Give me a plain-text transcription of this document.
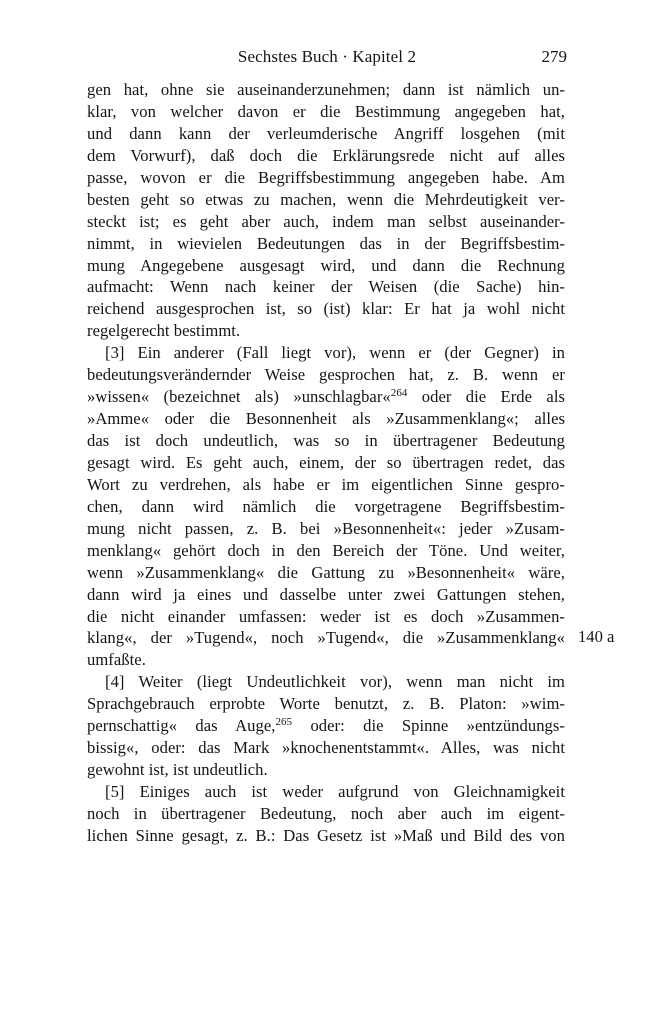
Sechstes Buch · Kapitel 2	279
gen hat, ohne sie auseinanderzunehmen; dann ist nämlich un-
klar, von welcher davon er die Bestimmung angegeben hat,
und dann kann der verleumderische Angriff losgehen (mit
dem Vorwurf), daß doch die Erklärungsrede nicht auf alles
passe, wovon er die Begriffsbestimmung angegeben habe. Am
besten geht so etwas zu machen, wenn die Mehrdeutigkeit ver-
steckt ist; es geht aber auch, indem man selbst auseinander-
nimmt, in wievielen Bedeutungen das in der Begriffsbestim-
mung Angegebene ausgesagt wird, und dann die Rechnung
aufmacht: Wenn nach keiner der Weisen (die Sache) hin-
reichend ausgesprochen ist, so (ist) klar: Er hat ja wohl nicht
regelgerecht bestimmt.
[3] Ein anderer (Fall liegt vor), wenn er (der Gegner) in
bedeutungsverändernder Weise gesprochen hat, z. B. wenn er
»wissen« (bezeichnet als) »unschlagbar«$^{264}$ oder die Erde als
»Amme« oder die Besonnenheit als »Zusammenklang«; alles
das ist doch undeutlich, was so in übertragener Bedeutung
gesagt wird. Es geht auch, einem, der so übertragen redet, das
Wort zu verdrehen, als habe er im eigentlichen Sinne gespro-
chen, dann wird nämlich die vorgetragene Begriffsbestim-
mung nicht passen, z. B. bei »Besonnenheit«: jeder »Zusam-
menklang« gehört doch in den Bereich der Töne. Und weiter,
wenn »Zusammenklang« die Gattung zu »Besonnenheit« wäre,
dann wird ja eines und dasselbe unter zwei Gattungen stehen,
die nicht einander umfassen: weder ist es doch »Zusammen-
klang«, der »Tugend«, noch »Tugend«, die »Zusammenklang«
umfaßte.
[4] Weiter (liegt Undeutlichkeit vor), wenn man nicht im
Sprachgebrauch erprobte Worte benutzt, z. B. Platon: »wim-
pernschattig« das Auge,$^{265}$ oder: die Spinne »entzündungs-
bissig«, oder: das Mark »knochenentstammt«. Alles, was nicht
gewohnt ist, ist undeutlich.
[5] Einiges auch ist weder aufgrund von Gleichnamigkeit
noch in übertragener Bedeutung, noch aber auch im eigent-
lichen Sinne gesagt, z. B.: Das Gesetz ist »Maß und Bild des von
140 a
